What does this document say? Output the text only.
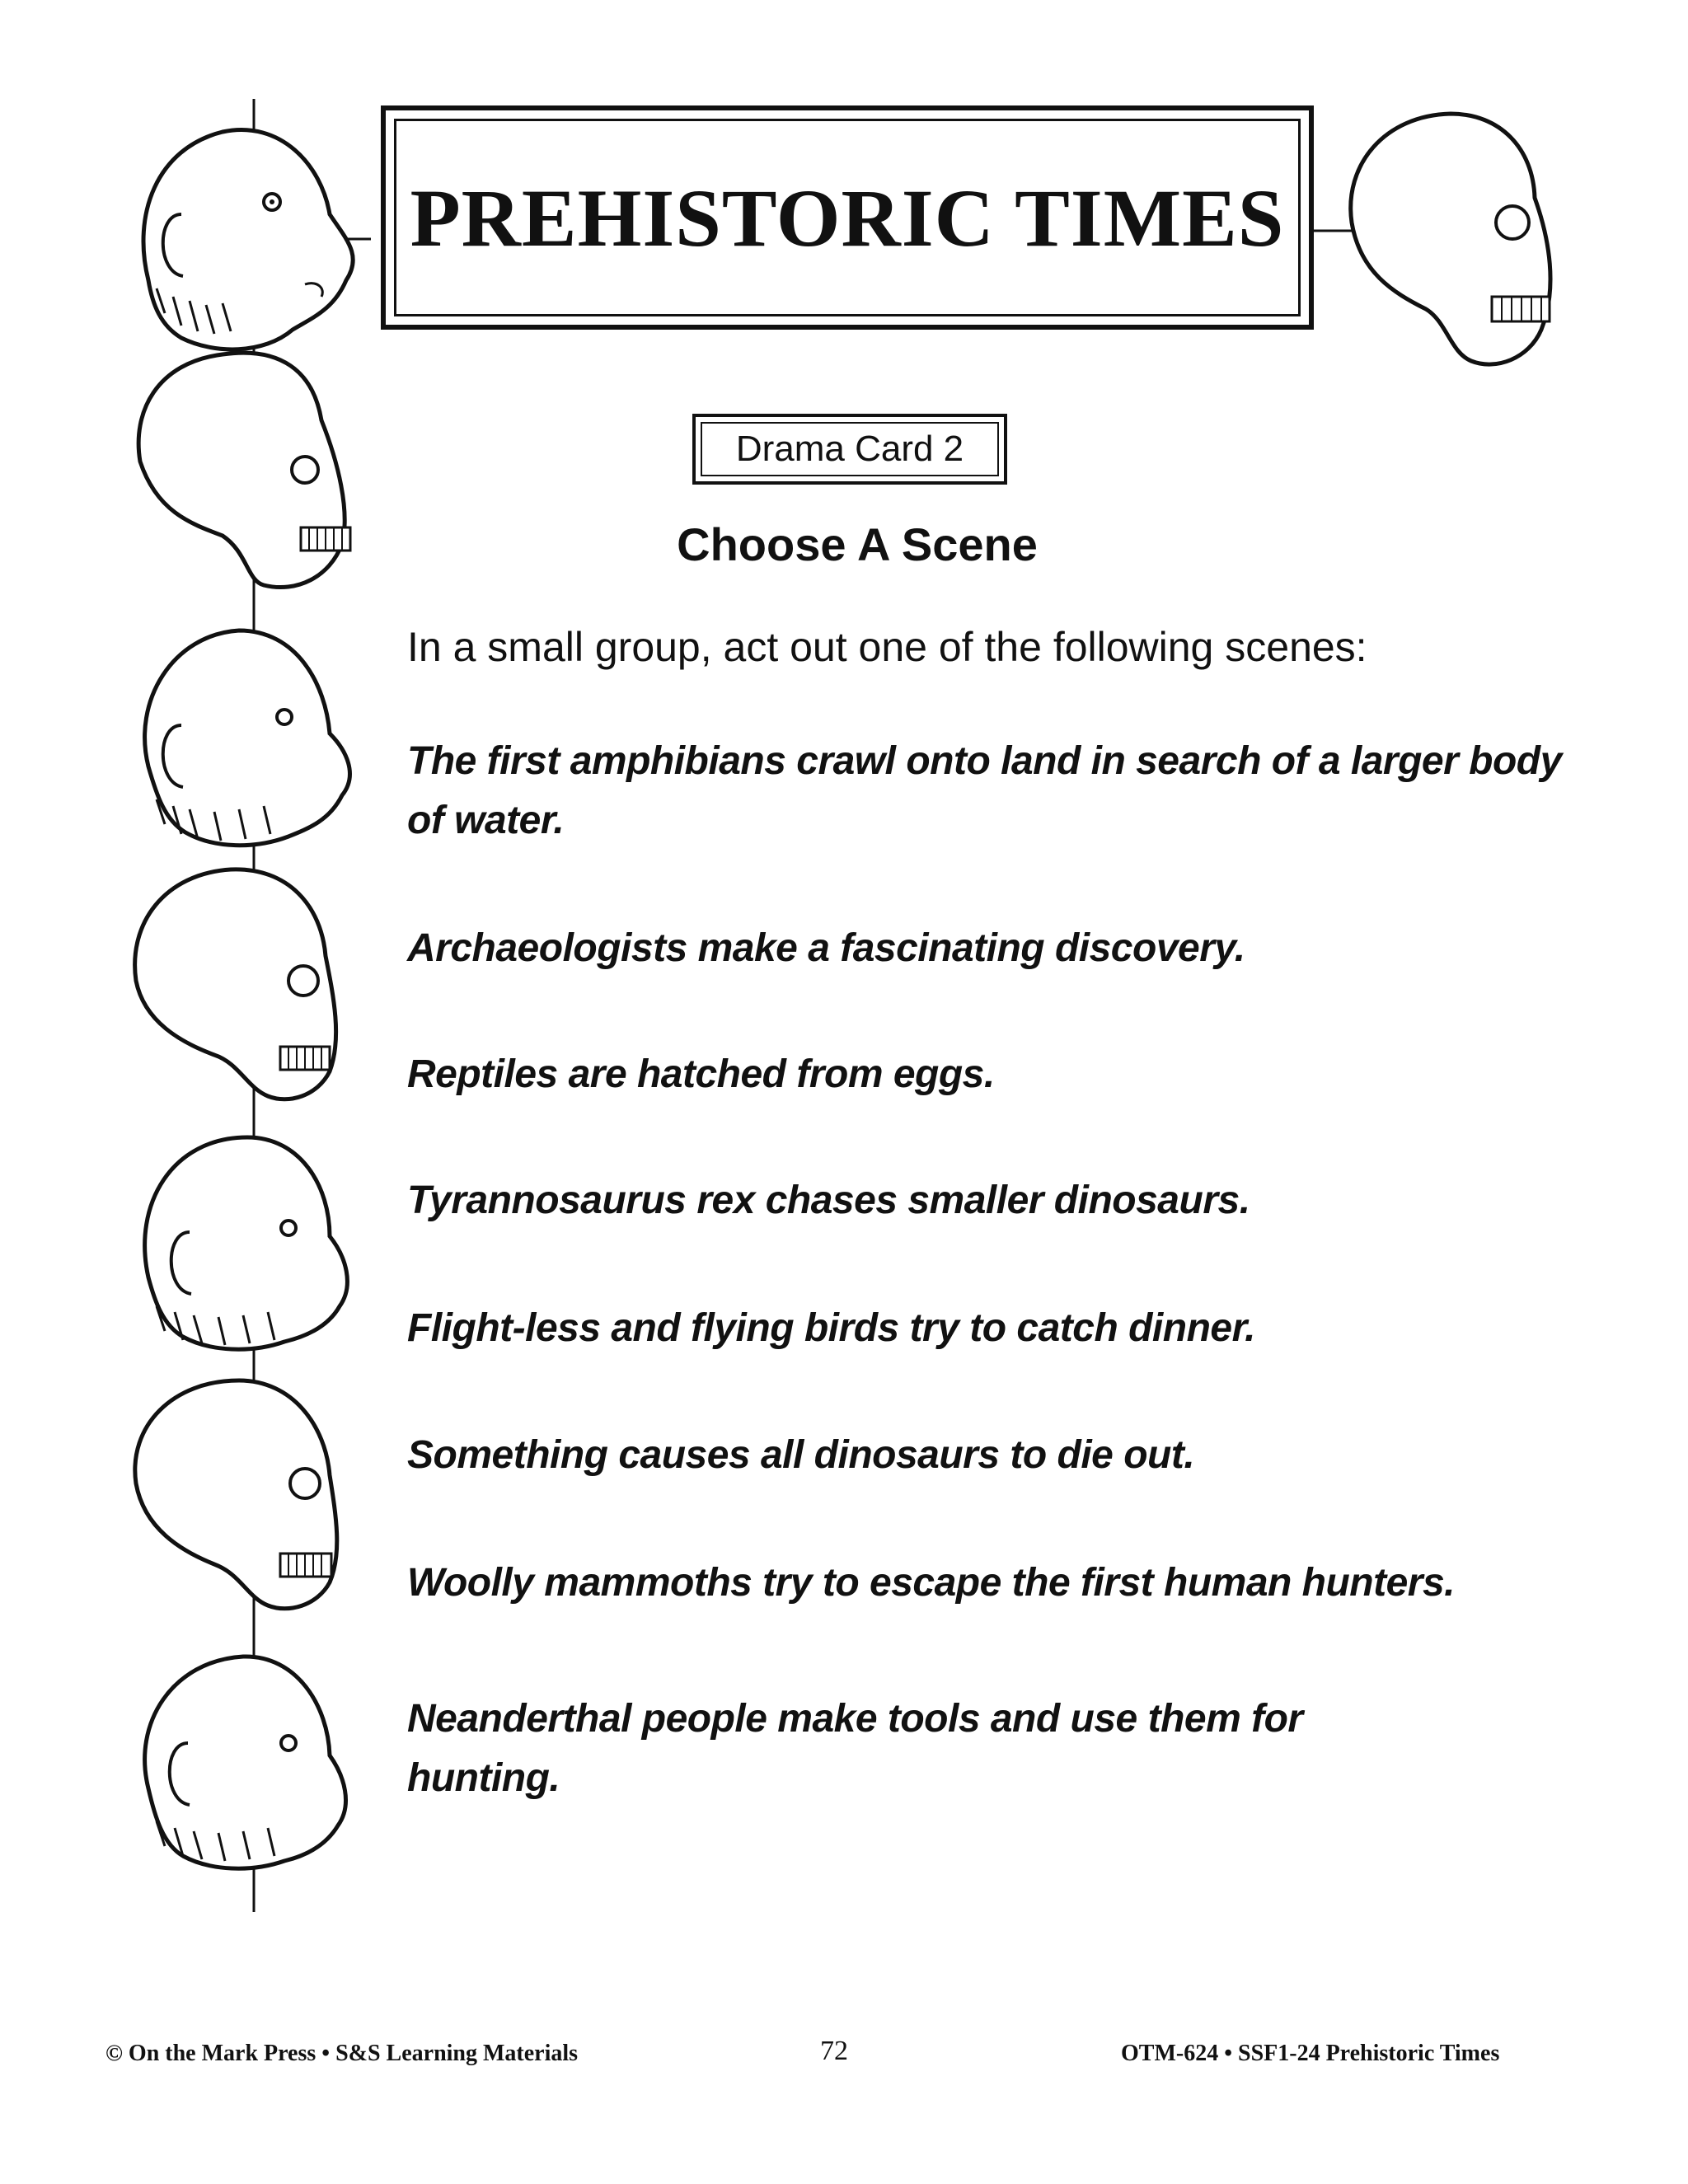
PREHISTORIC TIMES
Drama Card 2
Choose A Scene
In a small group, act out one of the following scenes:
The first amphibians crawl onto land in search of a larger body of water.
Archaeologists make a fascinating discovery.
Reptiles are hatched from eggs.
Tyrannosaurus rex chases smaller dinosaurs.
Flight-less and flying birds try to catch dinner.
Something causes all dinosaurs to die out.
Woolly mammoths try to escape the first human hunters.
Neanderthal people make tools and use them for hunting.
© On the Mark Press • S&S Learning Materials	72	OTM-624 • SSF1-24 Prehistoric Times
